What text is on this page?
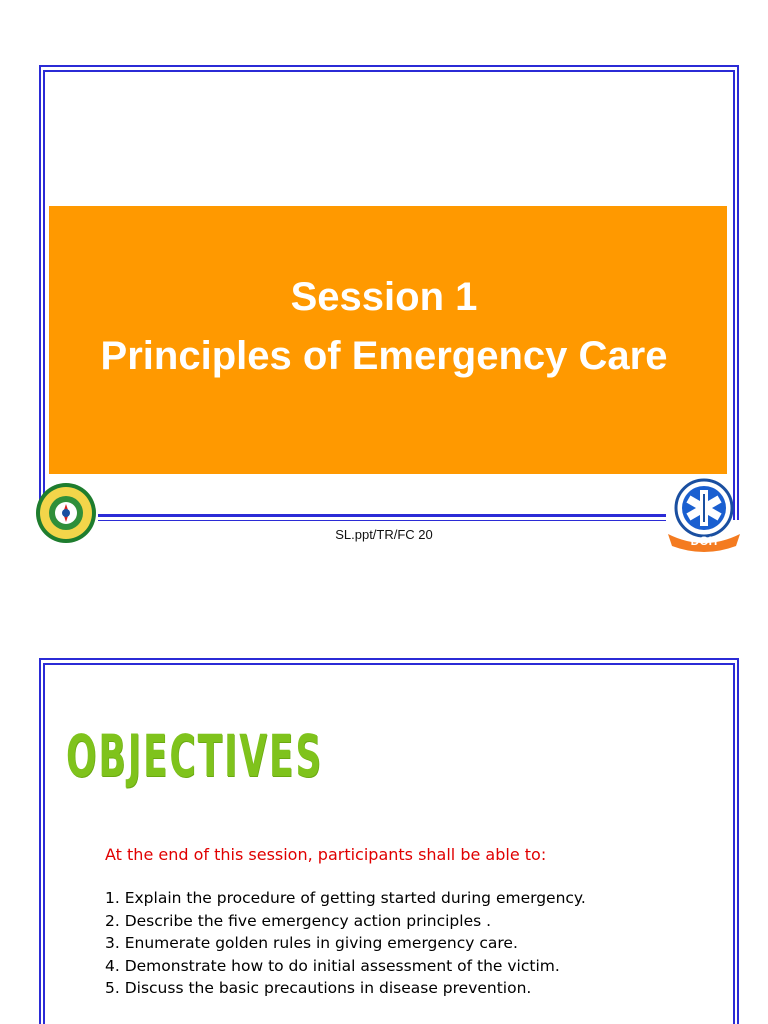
Session 1
Principles of Emergency Care
SL.ppt/TR/FC 20	DOH
OBJECTIVES
At the end of this session, participants shall be able to:
1. Explain the procedure of getting started during emergency.
2. Describe the five emergency action principles .
3. Enumerate golden rules in giving emergency care.
4. Demonstrate how to do initial assessment of the victim.
5. Discuss the basic precautions in disease prevention.
